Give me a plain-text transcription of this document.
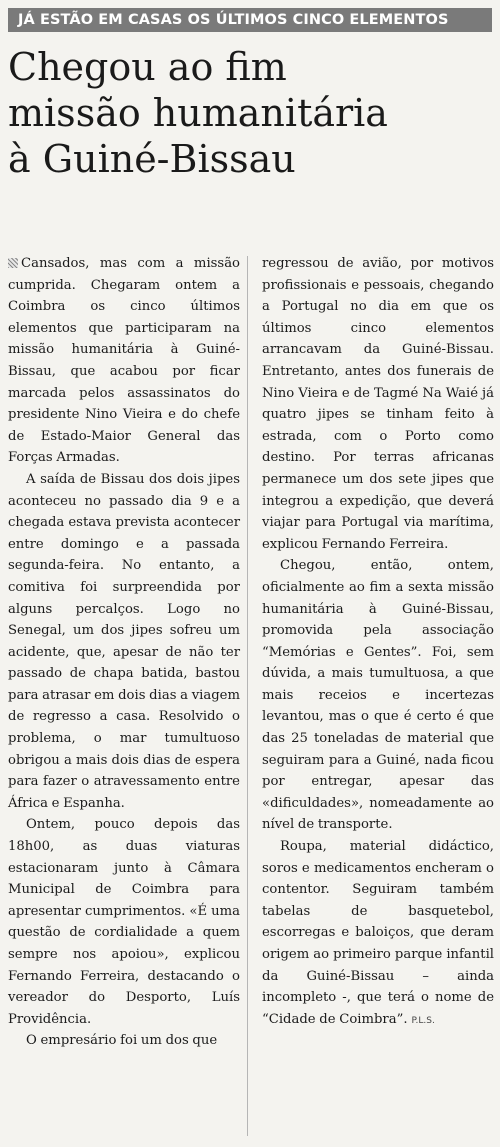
JÁ ESTÃO EM CASAS OS ÚLTIMOS CINCO ELEMENTOS
Chegou ao fim
missão humanitária
à Guiné-Bissau

Cansados, mas com a missão cumprida. Chegaram ontem a Coimbra os cinco últimos elementos que participaram na missão humanitária à Guiné-Bissau, que acabou por ficar marcada pelos assassinatos do presidente Nino Vieira e do chefe de Estado-Maior General das Forças Armadas.

A saída de Bissau dos dois jipes aconteceu no passado dia 9 e a chegada estava prevista acontecer entre domingo e a passada segunda-feira. No entanto, a comitiva foi surpreendida por alguns percalços. Logo no Senegal, um dos jipes sofreu um acidente, que, apesar de não ter passado de chapa batida, bastou para atrasar em dois dias a viagem de regresso a casa. Resolvido o problema, o mar tumultuoso obrigou a mais dois dias de espera para fazer o atravessamento entre África e Espanha.

Ontem, pouco depois das 18h00, as duas viaturas estacionaram junto à Câmara Municipal de Coimbra para apresentar cumprimentos. «É uma questão de cordialidade a quem sempre nos apoiou», explicou Fernando Ferreira, destacando o vereador do Desporto, Luís Providência.

O empresário foi um dos que

regressou de avião, por motivos profissionais e pessoais, chegando a Portugal no dia em que os últimos cinco elementos arrancavam da Guiné-Bissau. Entretanto, antes dos funerais de Nino Vieira e de Tagmé Na Waié já quatro jipes se tinham feito à estrada, com o Porto como destino. Por terras africanas permanece um dos sete jipes que integrou a expedição, que deverá viajar para Portugal via marítima, explicou Fernando Ferreira.

Chegou, então, ontem, oficialmente ao fim a sexta missão humanitária à Guiné-Bissau, promovida pela associação “Memórias e Gentes”. Foi, sem dúvida, a mais tumultuosa, a que mais receios e incertezas levantou, mas o que é certo é que das 25 toneladas de material que seguiram para a Guiné, nada ficou por entregar, apesar das «dificuldades», nomeadamente ao nível de transporte.

Roupa, material didáctico, soros e medicamentos encheram o contentor. Seguiram também tabelas de basquetebol, escorregas e baloiços, que deram origem ao primeiro parque infantil da Guiné-Bissau – ainda incompleto -, que terá o nome de “Cidade de Coimbra”. P.L.S.
